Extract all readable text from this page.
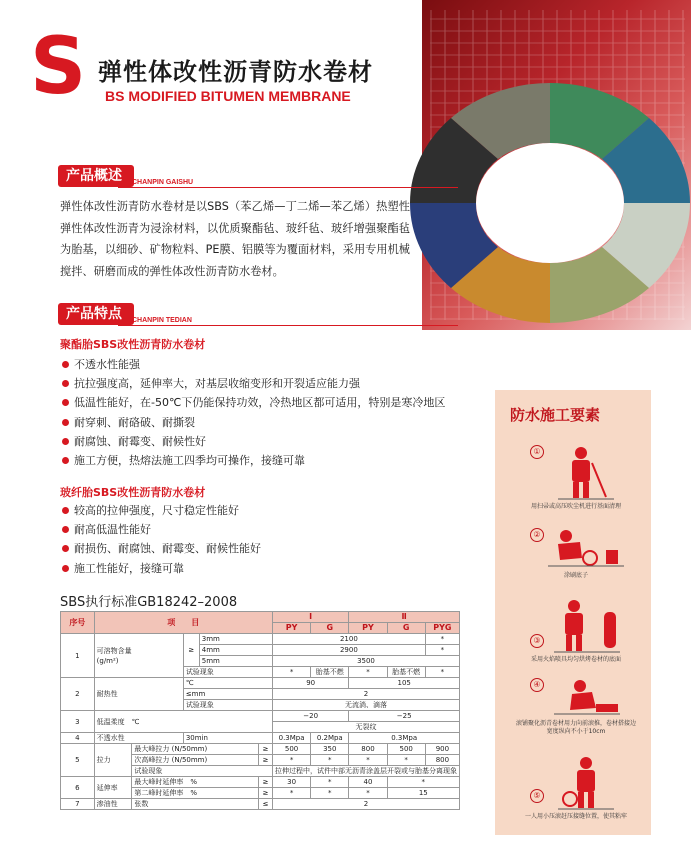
S 弹性体改性沥青防水卷材
BS MODIFIED BITUMEN MEMBRANE
产品概述	CHANPIN GAISHU
弹性体改性沥青防水卷材是以SBS（苯乙烯—丁二烯—苯乙烯）热塑性弹性体改性沥青为浸涂材料，以优质聚酯毡、玻纤毡、玻纤增强聚酯毡为胎基，以细砂、矿物粒料、PE膜、铝膜等为覆面材料，采用专用机械搅拌、研磨而成的弹性体改性沥青防水卷材。
产品特点	CHANPIN TEDIAN
聚酯胎SBS改性沥青防水卷材
不透水性能强
抗拉强度高，延伸率大，对基层收缩变形和开裂适应能力强
低温性能好，在-50℃下仍能保持功效，冷热地区都可适用，特别是寒冷地区
耐穿刺、耐硌破、耐撕裂
耐腐蚀、耐霉变、耐候性好
施工方便，热熔法施工四季均可操作，接缝可靠
玻纤胎SBS改性沥青防水卷材
较高的拉伸强度，尺寸稳定性能好
耐高低温性能好
耐损伤、耐腐蚀、耐霉变、耐候性能好
施工性能好，接缝可靠
SBS执行标准GB18242–2008
序号	项　　目					Ⅰ		Ⅱ		
						PY	G	PY	G	PYG
1	可溶物含量
(g/m²)		≥	3mm		2100				*
				4mm		2900				*
				5mm		3500				
			试验现象			*	胎基不燃	*	胎基不燃	*
2	耐热性		℃			90		105		
			≤mm			2				
			试验现象			无流淌、滴落				
3	低温柔度　℃					−20		−25		
						无裂纹				
4	不透水性		30min			0.3Mpa	0.2Mpa	0.3Mpa		
5	拉力	最大峰拉力 (N/50mm)			≥	500	350	800	500	900
		次高峰拉力 (N/50mm)			≥	*	*	*	*	800
		试验现象				拉伸过程中，试件中部无沥青涂盖层开裂或与胎基分离现象				
6	延伸率	最大峰时延伸率　%			≥	30	*	40	*	
		第二峰时延伸率　%			≥	*	*	*	15	
7	渗油性	张数			≤	2				
防水施工要素
①
用扫帚或高压吹尘机进行基面清理
②
涂刷底子
③
采用火焰喷具均匀烘烤卷材的底面
④
滚铺聚化沥青卷材用力向前滚推，卷材搭接边宽度纵向不小于10cm
⑤
一人用小压滚赶压接缝位置，使其粘牢
